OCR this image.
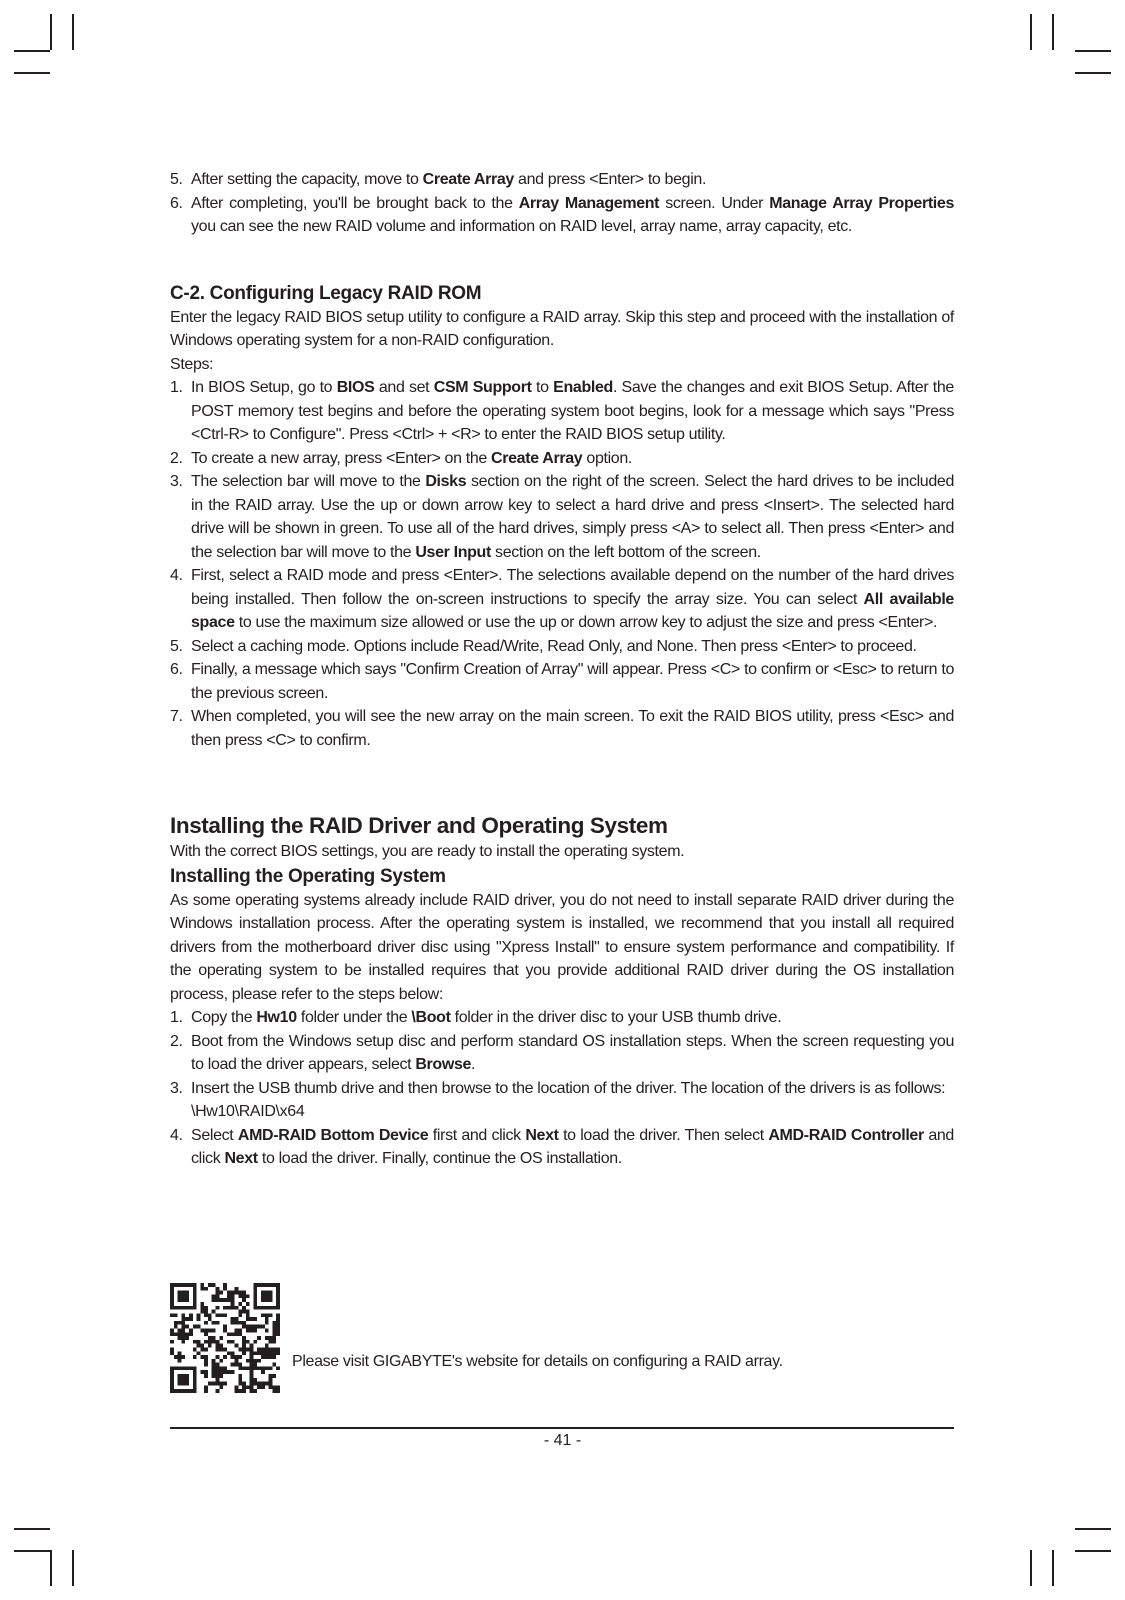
5. After setting the capacity, move to Create Array and press <Enter> to begin.
6. After completing, you'll be brought back to the Array Management screen. Under Manage Array Properties you can see the new RAID volume and information on RAID level, array name, array capacity, etc.
C-2. Configuring Legacy RAID ROM

Enter the legacy RAID BIOS setup utility to configure a RAID array. Skip this step and proceed with the installation of Windows operating system for a non-RAID configuration.

Steps:

1. In BIOS Setup, go to BIOS and set CSM Support to Enabled. Save the changes and exit BIOS Setup. After the POST memory test begins and before the operating system boot begins, look for a message which says "Press <Ctrl-R> to Configure". Press <Ctrl> + <R> to enter the RAID BIOS setup utility.
2. To create a new array, press <Enter> on the Create Array option.
3. The selection bar will move to the Disks section on the right of the screen. Select the hard drives to be included in the RAID array. Use the up or down arrow key to select a hard drive and press <Insert>. The selected hard drive will be shown in green. To use all of the hard drives, simply press <A> to select all. Then press <Enter> and the selection bar will move to the User Input section on the left bottom of the screen.
4. First, select a RAID mode and press <Enter>. The selections available depend on the number of the hard drives being installed. Then follow the on-screen instructions to specify the array size. You can select All available space to use the maximum size allowed or use the up or down arrow key to adjust the size and press <Enter>.
5. Select a caching mode. Options include Read/Write, Read Only, and None. Then press <Enter> to proceed.
6. Finally, a message which says "Confirm Creation of Array" will appear. Press <C> to confirm or <Esc> to return to the previous screen.
7. When completed, you will see the new array on the main screen. To exit the RAID BIOS utility, press <Esc> and then press <C> to confirm.
Installing the RAID Driver and Operating System

With the correct BIOS settings, you are ready to install the operating system.

Installing the Operating System

As some operating systems already include RAID driver, you do not need to install separate RAID driver during the Windows installation process. After the operating system is installed, we recommend that you install all required drivers from the motherboard driver disc using "Xpress Install" to ensure system performance and compatibility. If the operating system to be installed requires that you provide additional RAID driver during the OS installation process, please refer to the steps below:

1. Copy the Hw10 folder under the \Boot folder in the driver disc to your USB thumb drive.
2. Boot from the Windows setup disc and perform standard OS installation steps. When the screen requesting you to load the driver appears, select Browse.
3. Insert the USB thumb drive and then browse to the location of the driver. The location of the drivers is as follows:

\Hw10\RAID\x64

4. Select AMD-RAID Bottom Device first and click Next to load the driver. Then select AMD-RAID Controller and click Next to load the driver. Finally, continue the OS installation.
Please visit GIGABYTE's website for details on configuring a RAID array.
- 41 -
